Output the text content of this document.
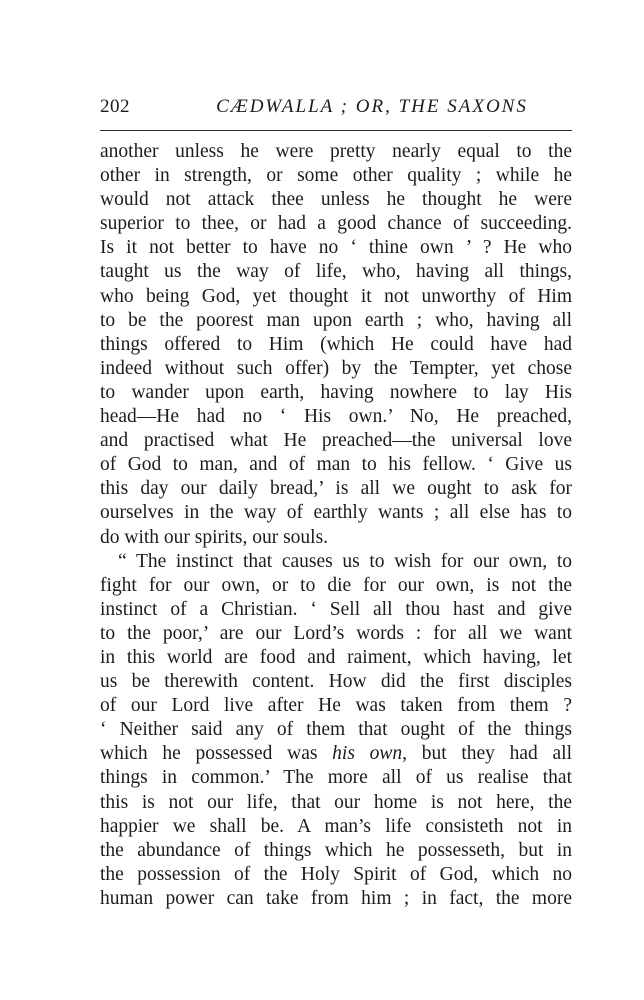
202	CÆDWALLA ; OR, THE SAXONS
another unless he were pretty nearly equal to the
other in strength, or some other quality ; while he
would not attack thee unless he thought he were
superior to thee, or had a good chance of succeeding.
Is it not better to have no ‘ thine own ’ ? He who
taught us the way of life, who, having all things,
who being God, yet thought it not unworthy of Him
to be the poorest man upon earth ; who, having all
things offered to Him (which He could have had
indeed without such offer) by the Tempter, yet chose
to wander upon earth, having nowhere to lay His
head—He had no ‘ His own.’ No, He preached,
and practised what He preached—the universal love
of God to man, and of man to his fellow. ‘ Give us
this day our daily bread,’ is all we ought to ask for
ourselves in the way of earthly wants ; all else has to
do with our spirits, our souls.
“ The instinct that causes us to wish for our own, to
fight for our own, or to die for our own, is not the
instinct of a Christian. ‘ Sell all thou hast and give
to the poor,’ are our Lord’s words : for all we want
in this world are food and raiment, which having, let
us be therewith content. How did the first disciples
of our Lord live after He was taken from them ?
‘ Neither said any of them that ought of the things
which he possessed was his own, but they had all
things in common.’ The more all of us realise that
this is not our life, that our home is not here, the
happier we shall be. A man’s life consisteth not in
the abundance of things which he possesseth, but in
the possession of the Holy Spirit of God, which no
human power can take from him ; in fact, the more
